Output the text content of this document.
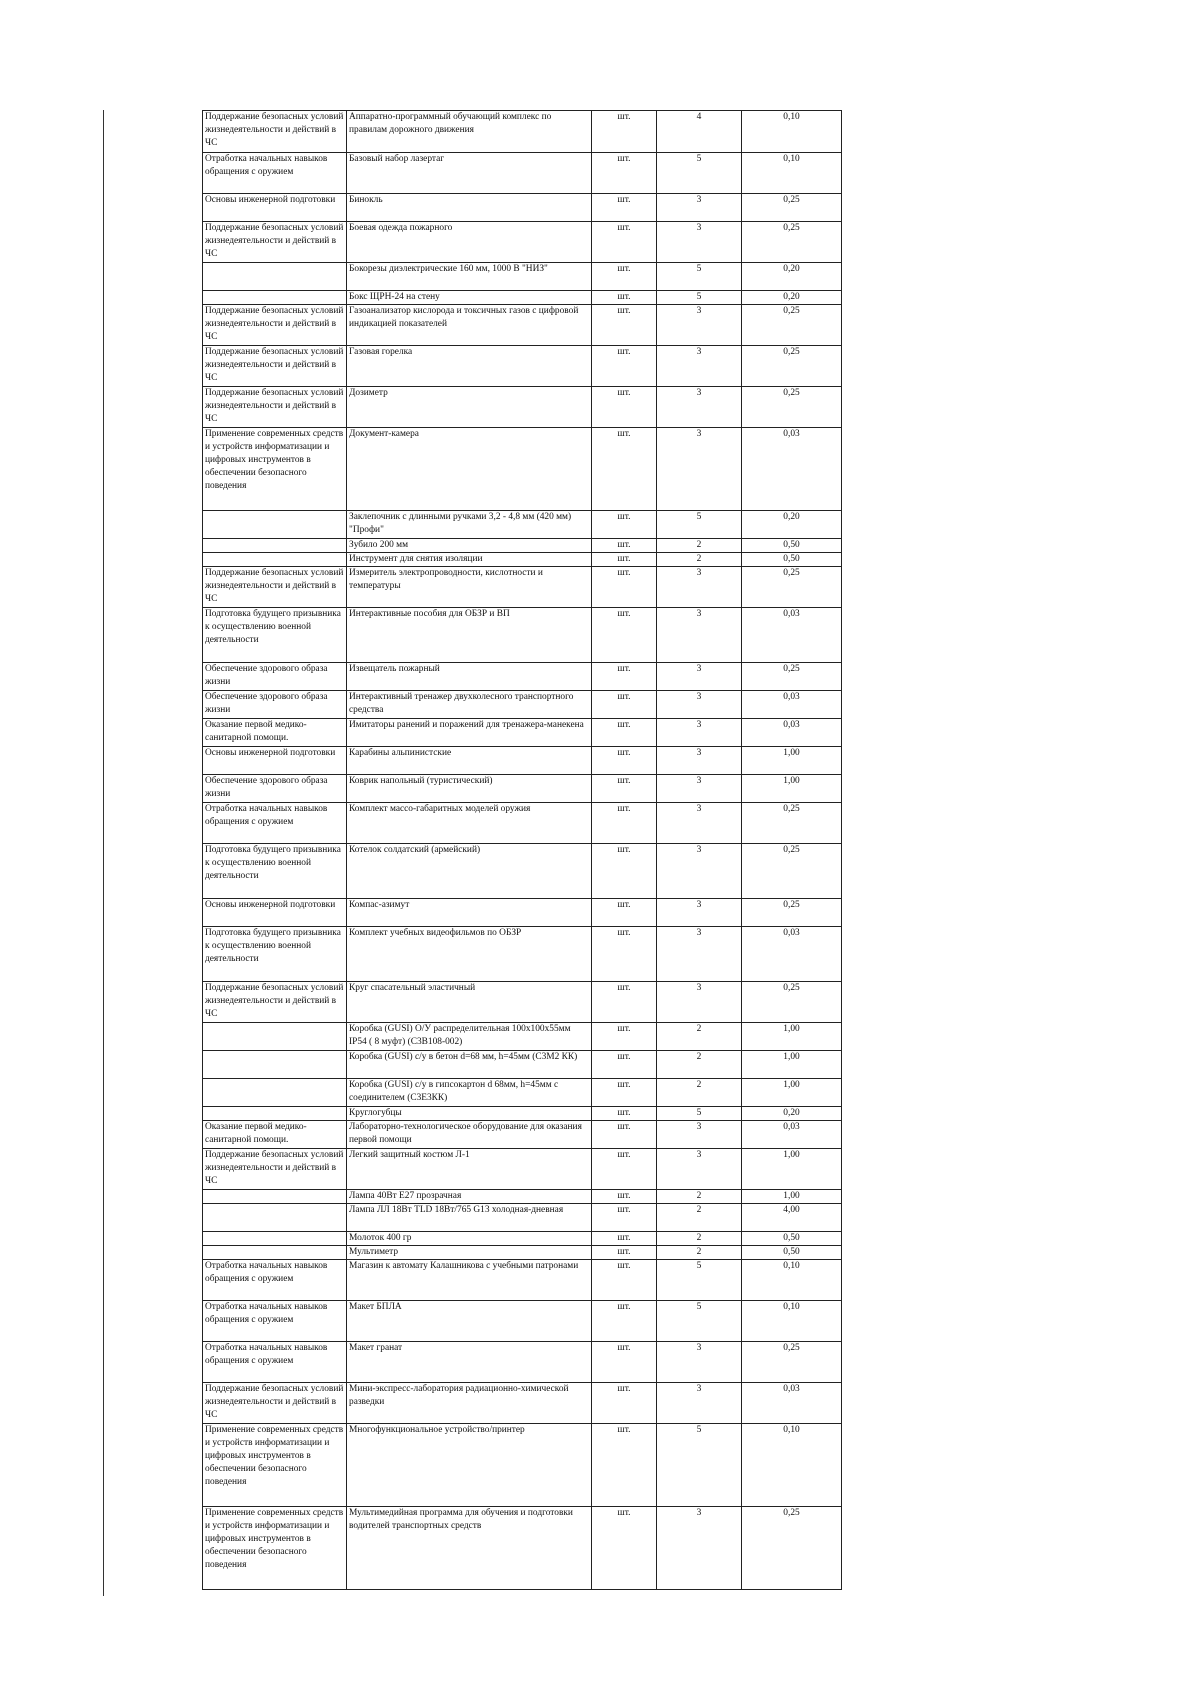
Поддержание безопасных условий жизнедеятельности и действий в ЧС	Аппаратно-программный обучающий комплекс по правилам дорожного движения	шт.	4	0,10
Отработка начальных навыков обращения с оружием	Базовый набор лазертаг	шт.	5	0,10
Основы инженерной подготовки	Бинокль	шт.	3	0,25
Поддержание безопасных условий жизнедеятельности и действий в ЧС	Боевая одежда пожарного	шт.	3	0,25
	Бокорезы диэлектрические 160 мм, 1000 В "НИЗ"	шт.	5	0,20
	Бокс ЩРН-24 на стену	шт.	5	0,20
Поддержание безопасных условий жизнедеятельности и действий в ЧС	Газоанализатор кислорода и токсичных газов с цифровой индикацией показателей	шт.	3	0,25
Поддержание безопасных условий жизнедеятельности и действий в ЧС	Газовая горелка	шт.	3	0,25
Поддержание безопасных условий жизнедеятельности и действий в ЧС	Дозиметр	шт.	3	0,25
Применение современных средств и устройств информатизации и цифровых инструментов в обеспечении безопасного поведения	Документ-камера	шт.	3	0,03
	Заклепочник с длинными ручками 3,2 - 4,8 мм (420 мм) "Профи"	шт.	5	0,20
	Зубило 200 мм	шт.	2	0,50
	Инструмент для снятия изоляции	шт.	2	0,50
Поддержание безопасных условий жизнедеятельности и действий в ЧС	Измеритель электропроводности, кислотности и температуры	шт.	3	0,25
Подготовка будущего призывника к осуществлению военной деятельности	Интерактивные пособия для ОБЗР и ВП	шт.	3	0,03
Обеспечение здорового образа жизни	Извещатель пожарный	шт.	3	0,25
Обеспечение здорового образа жизни	Интерактивный тренажер двухколесного транспортного средства	шт.	3	0,03
Оказание первой медико-санитарной помощи.	Имитаторы ранений и поражений для тренажера-манекена	шт.	3	0,03
Основы инженерной подготовки	Карабины альпинистские	шт.	3	1,00
Обеспечение здорового образа жизни	Коврик напольный (туристический)	шт.	3	1,00
Отработка начальных навыков обращения с оружием	Комплект массо-габаритных моделей оружия	шт.	3	0,25
Подготовка будущего призывника к осуществлению военной деятельности	Котелок солдатский (армейский)	шт.	3	0,25
Основы инженерной подготовки	Компас-азимут	шт.	3	0,25
Подготовка будущего призывника к осуществлению военной деятельности	Комплект учебных видеофильмов по ОБЗР	шт.	3	0,03
Поддержание безопасных условий жизнедеятельности и действий в ЧС	Круг спасательный эластичный	шт.	3	0,25
	Коробка (GUSI) О/У распределительная 100х100х55мм IP54 ( 8 муфт) (С3В108-002)	шт.	2	1,00
	Коробка (GUSI) с/у в бетон d=68 мм, h=45мм (С3М2 КК)	шт.	2	1,00
	Коробка (GUSI) с/у в гипсокартон d 68мм, h=45мм с соединителем (С3Е3КК)	шт.	2	1,00
	Круглогубцы	шт.	5	0,20
Оказание первой медико-санитарной помощи.	Лабораторно-технологическое оборудование для оказания первой помощи	шт.	3	0,03
Поддержание безопасных условий жизнедеятельности и действий в ЧС	Легкий защитный костюм Л-1	шт.	3	1,00
	Лампа 40Вт Е27 прозрачная	шт.	2	1,00
	Лампа ЛЛ 18Вт TLD 18Вт/765 G13 холодная-дневная	шт.	2	4,00
	Молоток 400 гр	шт.	2	0,50
	Мультиметр	шт.	2	0,50
Отработка начальных навыков обращения с оружием	Магазин к автомату Калашникова с учебными патронами	шт.	5	0,10
Отработка начальных навыков обращения с оружием	Макет БПЛА	шт.	5	0,10
Отработка начальных навыков обращения с оружием	Макет гранат	шт.	3	0,25
Поддержание безопасных условий жизнедеятельности и действий в ЧС	Мини-экспресс-лаборатория радиационно-химической разведки	шт.	3	0,03
Применение современных средств и устройств информатизации и цифровых инструментов в обеспечении безопасного поведения	Многофункциональное устройство/принтер	шт.	5	0,10
Применение современных средств и устройств информатизации и цифровых инструментов в обеспечении безопасного поведения	Мультимедийная программа для обучения и подготовки водителей транспортных средств	шт.	3	0,25
